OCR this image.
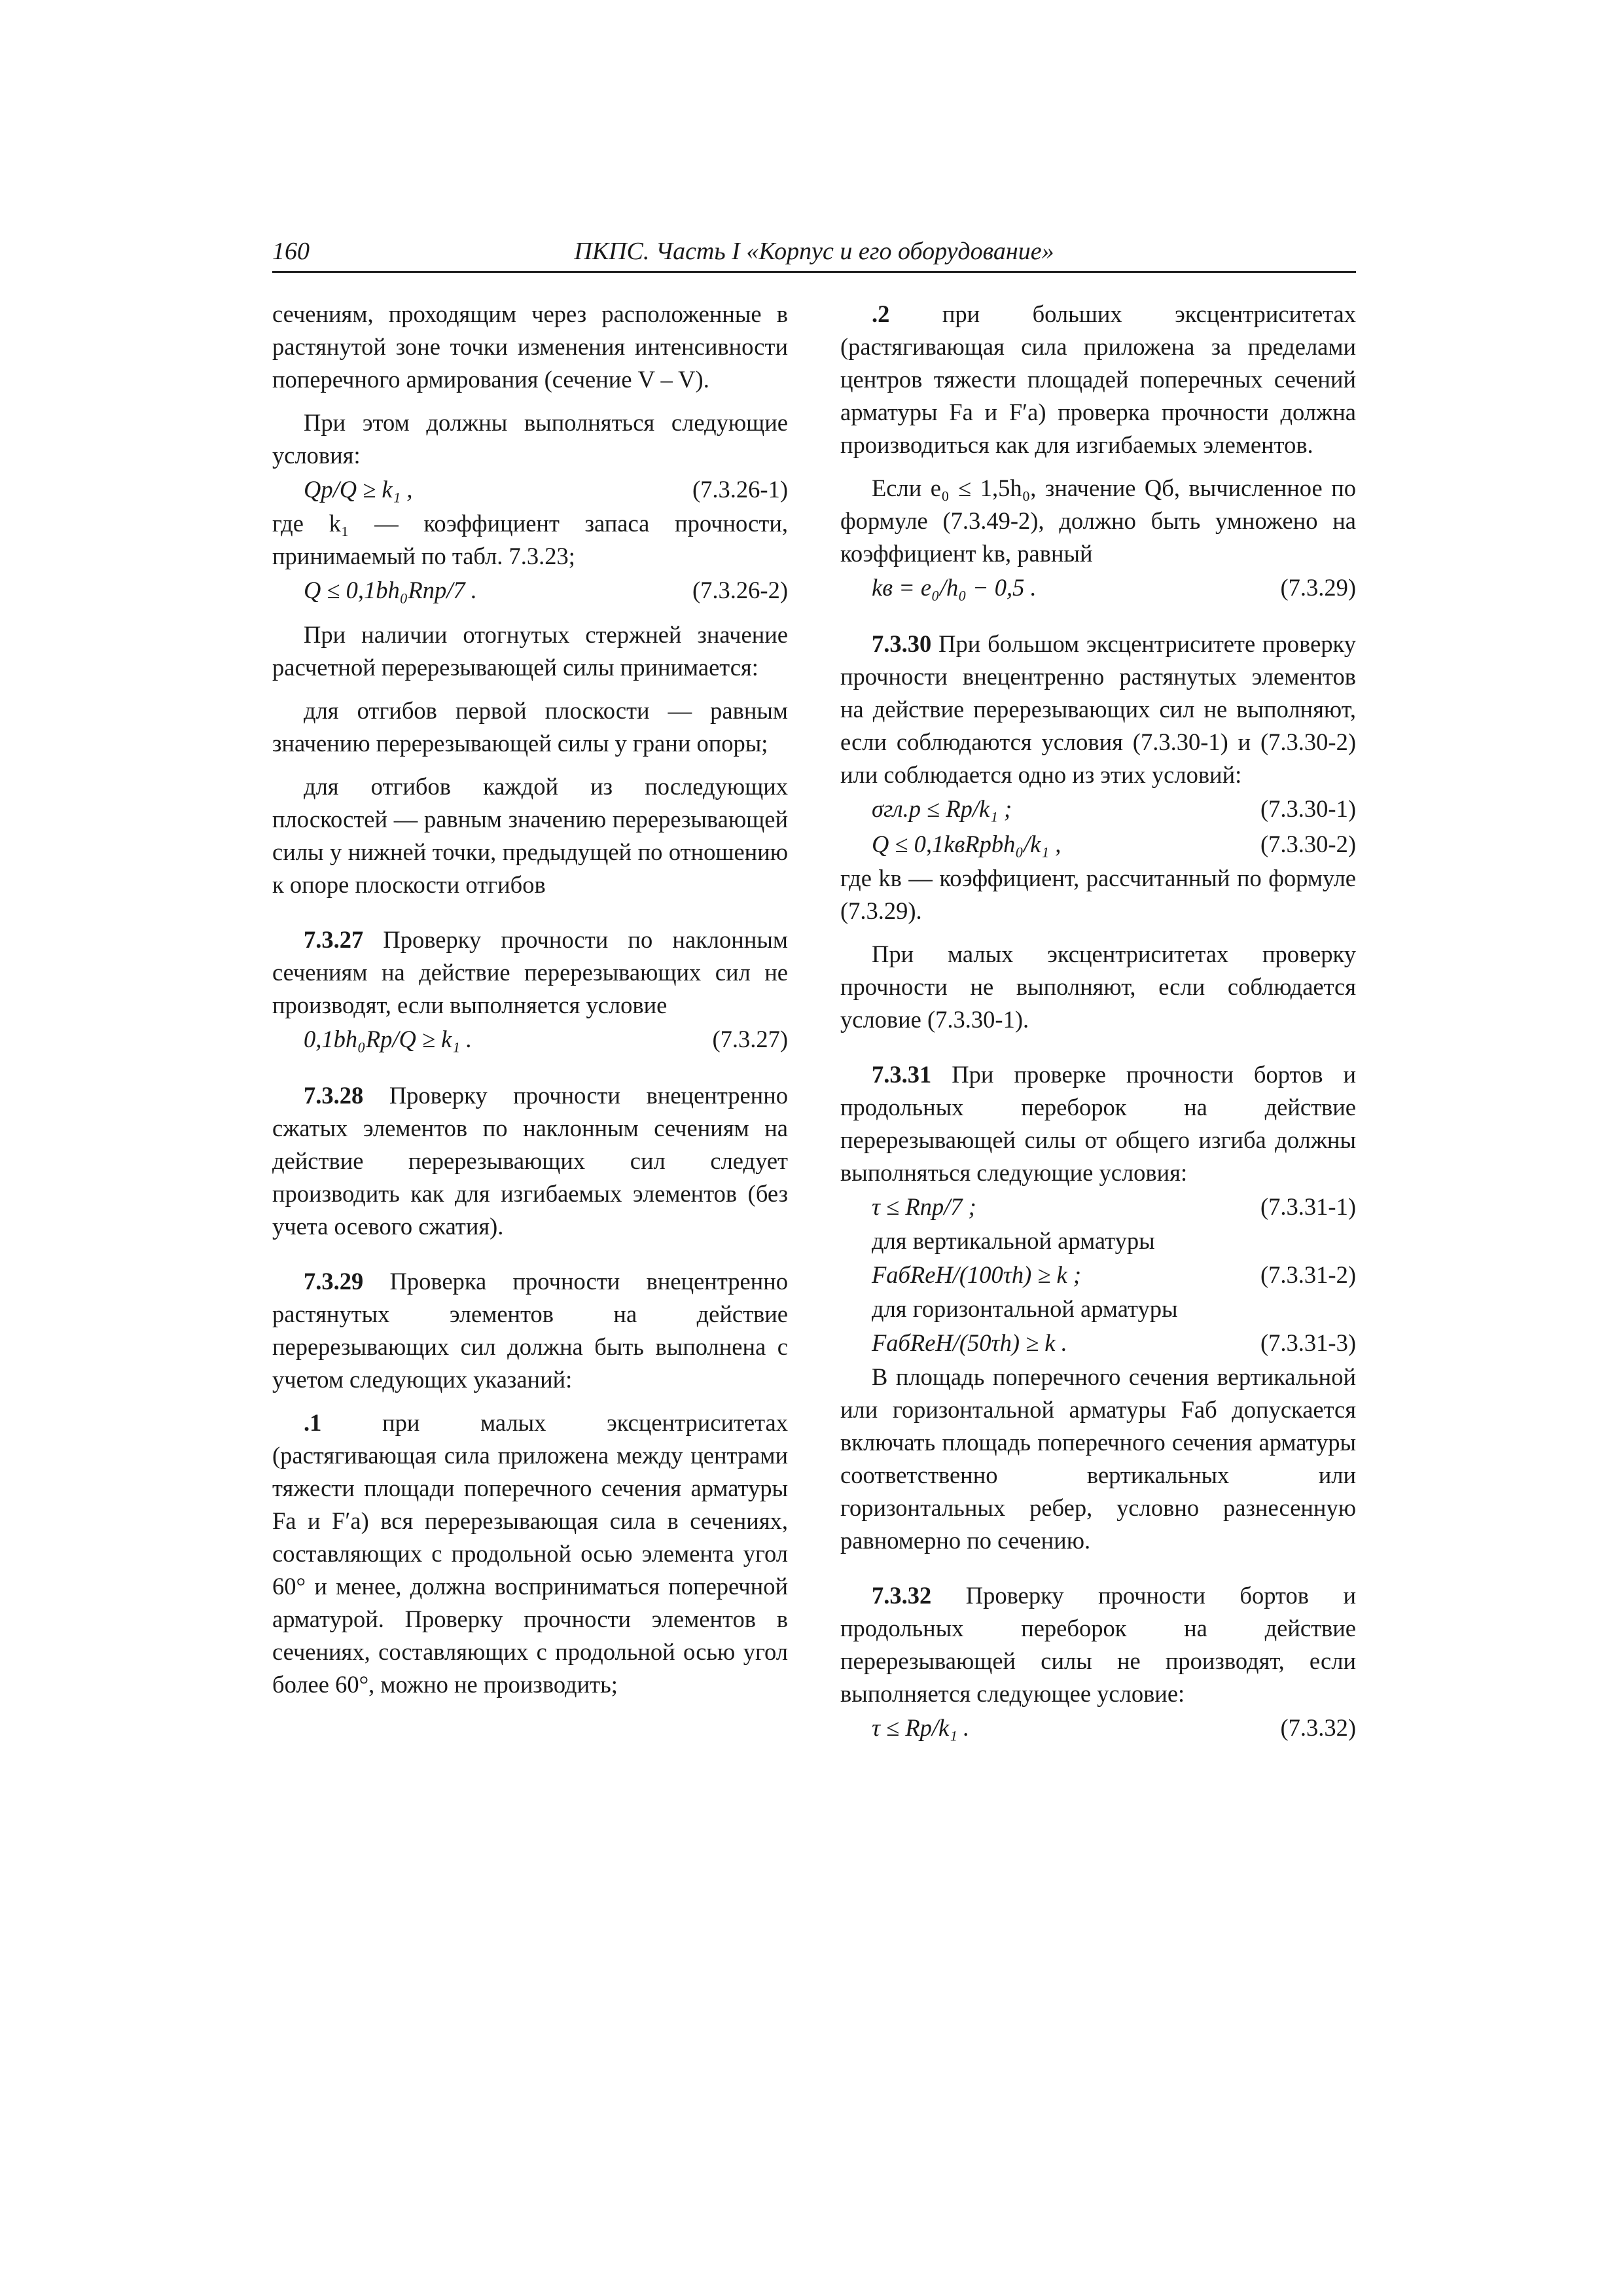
160	ПКПС. Часть I «Корпус и его оборудование»

сечениям, проходящим через расположенные в растянутой зоне точки изменения интенсивности поперечного армирования (сечение V – V).

При этом должны выполняться следующие условия:

Qр/Q ≥ k₁ ,	(7.3.26-1)

где k₁ — коэффициент запаса прочности, принимаемый по табл. 7.3.23;

Q ≤ 0,1bh₀Rпр/7 .	(7.3.26-2)

При наличии отогнутых стержней значение расчетной перерезывающей силы принимается:

для отгибов первой плоскости — равным значению перерезывающей силы у грани опоры;

для отгибов каждой из последующих плоскостей — равным значению перерезывающей силы у нижней точки, предыдущей по отношению к опоре плоскости отгибов

7.3.27 Проверку прочности по наклонным сечениям на действие перерезывающих сил не производят, если выполняется условие

0,1bh₀Rр/Q ≥ k₁ .	(7.3.27)

7.3.28 Проверку прочности внецентренно сжатых элементов по наклонным сечениям на действие перерезывающих сил следует производить как для изгибаемых элементов (без учета осевого сжатия).

7.3.29 Проверка прочности внецентренно растянутых элементов на действие перерезывающих сил должна быть выполнена с учетом следующих указаний:

.1 при малых эксцентриситетах (растягивающая сила приложена между центрами тяжести площади поперечного сечения арматуры Fа и F′а) вся перерезывающая сила в сечениях, составляющих с продольной осью элемента угол 60° и менее, должна восприниматься поперечной арматурой. Проверку прочности элементов в сечениях, составляющих с продольной осью угол более 60°, можно не производить;

.2 при больших эксцентриситетах (растягивающая сила приложена за пределами центров тяжести площадей поперечных сечений арматуры Fа и F′а) проверка прочности должна производиться как для изгибаемых элементов.

Если e₀ ≤ 1,5h₀, значение Qб, вычисленное по формуле (7.3.49-2), должно быть умножено на коэффициент kв, равный

kв = e₀/h₀ − 0,5 .	(7.3.29)

7.3.30 При большом эксцентриситете проверку прочности внецентренно растянутых элементов на действие перерезывающих сил не выполняют, если соблюдаются условия (7.3.30-1) и (7.3.30-2) или соблюдается одно из этих условий:

σгл.р ≤ Rр/k₁ ;	(7.3.30-1)
Q ≤ 0,1kвRрbh₀/k₁ ,	(7.3.30-2)

где kв — коэффициент, рассчитанный по формуле (7.3.29).

При малых эксцентриситетах проверку прочности не выполняют, если соблюдается условие (7.3.30-1).

7.3.31 При проверке прочности бортов и продольных переборок на действие перерезывающей силы от общего изгиба должны выполняться следующие условия:

τ ≤ Rпр/7 ;	(7.3.31-1)

для вертикальной арматуры

FабReH/(100τh) ≥ k ;	(7.3.31-2)

для горизонтальной арматуры

FабReH/(50τh) ≥ k .	(7.3.31-3)

В площадь поперечного сечения вертикальной или горизонтальной арматуры Fаб допускается включать площадь поперечного сечения арматуры соответственно вертикальных или горизонтальных ребер, условно разнесенную равномерно по сечению.

7.3.32 Проверку прочности бортов и продольных переборок на действие перерезывающей силы не производят, если выполняется следующее условие:

τ ≤ Rр/k₁ .	(7.3.32)
